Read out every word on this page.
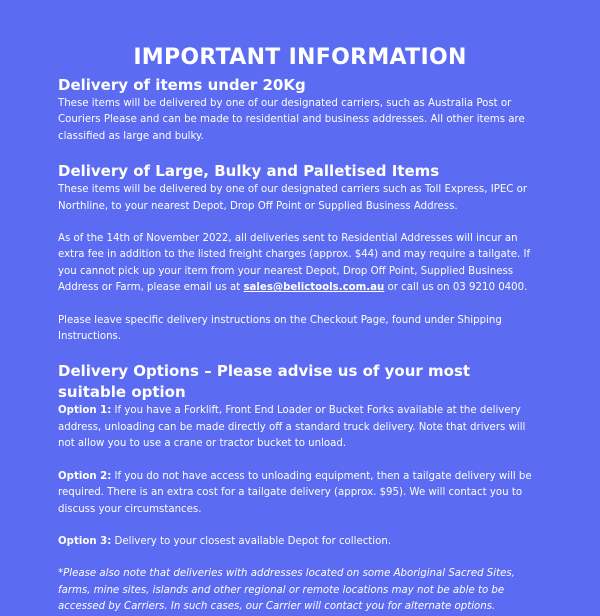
IMPORTANT INFORMATION
Delivery of items under 20Kg
These items will be delivered by one of our designated carriers, such as Australia Post or Couriers Please and can be made to residential and business addresses. All other items are classified as large and bulky.
Delivery of Large, Bulky and Palletised Items
These items will be delivered by one of our designated carriers such as Toll Express, IPEC or Northline, to your nearest Depot, Drop Off Point or Supplied Business Address.
As of the 14th of November 2022, all deliveries sent to Residential Addresses will incur an extra fee in addition to the listed freight charges (approx. $44) and may require a tailgate. If you cannot pick up your item from your nearest Depot, Drop Off Point, Supplied Business Address or Farm, please email us at sales@belictools.com.au or call us on 03 9210 0400.
Please leave specific delivery instructions on the Checkout Page, found under Shipping Instructions.
Delivery Options – Please advise us of your most suitable option
Option 1: If you have a Forklift, Front End Loader or Bucket Forks available at the delivery address, unloading can be made directly off a standard truck delivery. Note that drivers will not allow you to use a crane or tractor bucket to unload.
Option 2: If you do not have access to unloading equipment, then a tailgate delivery will be required. There is an extra cost for a tailgate delivery (approx. $95). We will contact you to discuss your circumstances.
Option 3: Delivery to your closest available Depot for collection.
*Please also note that deliveries with addresses located on some Aboriginal Sacred Sites, farms, mine sites, islands and other regional or remote locations may not be able to be accessed by Carriers. In such cases, our Carrier will contact you for alternate options.
